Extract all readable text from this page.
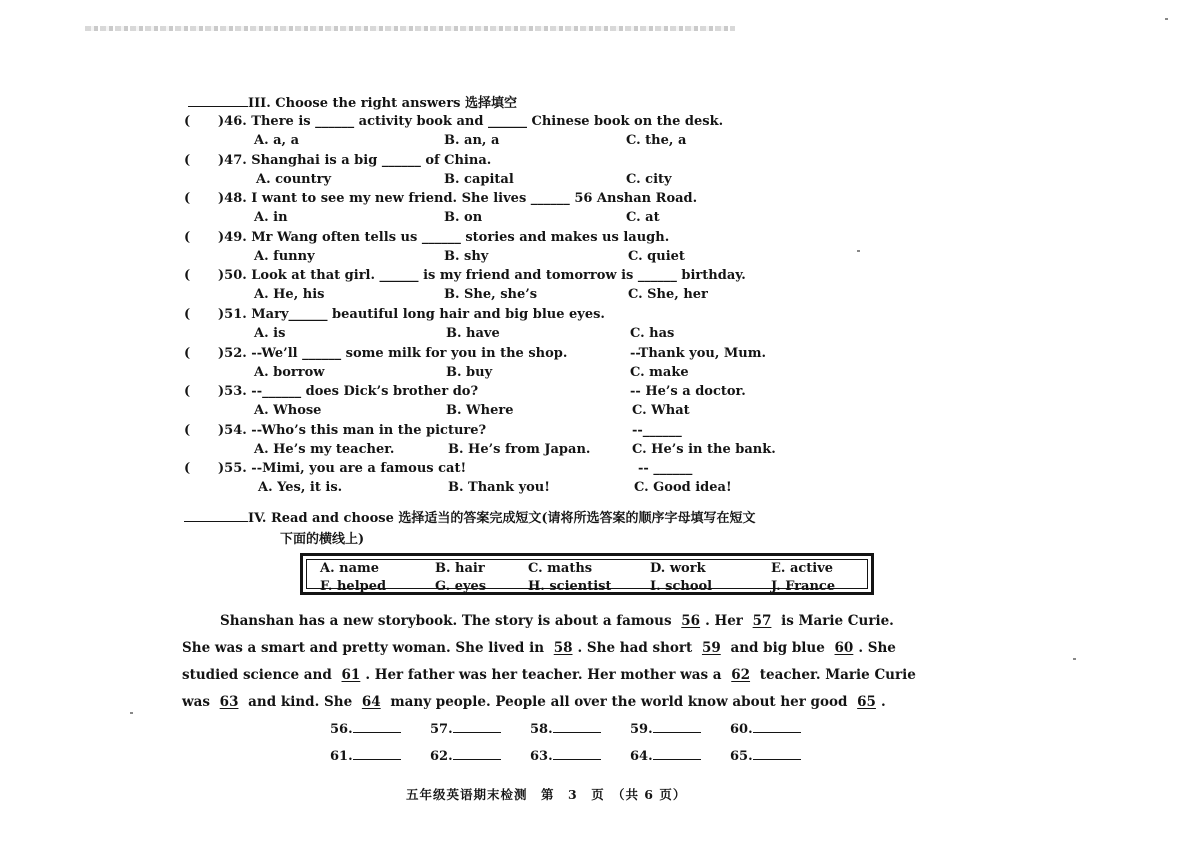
III. Choose the right answers 选择填空
( )46. There is ______ activity book and ______ Chinese book on the desk.
A. a, a	B. an, a	C. the, a
( )47. Shanghai is a big ______ of China.
A. country	B. capital	C. city
( )48. I want to see my new friend. She lives ______ 56 Anshan Road.
A. in	B. on	C. at
( )49. Mr Wang often tells us ______ stories and makes us laugh.
A. funny	B. shy	C. quiet
( )50. Look at that girl. ______ is my friend and tomorrow is ______ birthday.
A. He, his	B. She, she’s	C. She, her
( )51. Mary______ beautiful long hair and big blue eyes.
A. is	B. have	C. has
( )52. --We’ll ______ some milk for you in the shop.	--Thank you, Mum.
A. borrow	B. buy	C. make
( )53. --______ does Dick’s brother do?	-- He’s a doctor.
A. Whose	B. Where	C. What
( )54. --Who’s this man in the picture?	--______
A. He’s my teacher.	B. He’s from Japan.	C. He’s in the bank.
( )55. --Mimi, you are a famous cat!	-- ______
A. Yes, it is.	B. Thank you!	C. Good idea!
IV. Read and choose 选择适当的答案完成短文(请将所选答案的顺序字母填写在短文
下面的横线上)
A. name	B. hair	C. maths	D. work	E. active
F. helped	G. eyes	H. scientist	I. school	J. France
Shanshan has a new storybook. The story is about a famous 56 . Her 57 is Marie Curie.
She was a smart and pretty woman. She lived in 58 . She had short 59 and big blue 60 . She
studied science and 61 . Her father was her teacher. Her mother was a 62 teacher. Marie Curie
was 63 and kind. She 64 many people. People all over the world know about her good 65 .
56.	57.	58.	59.	60.
61.	62.	63.	64.	65.
五年级英语期末检测　第　3　页　（共 6 页）
